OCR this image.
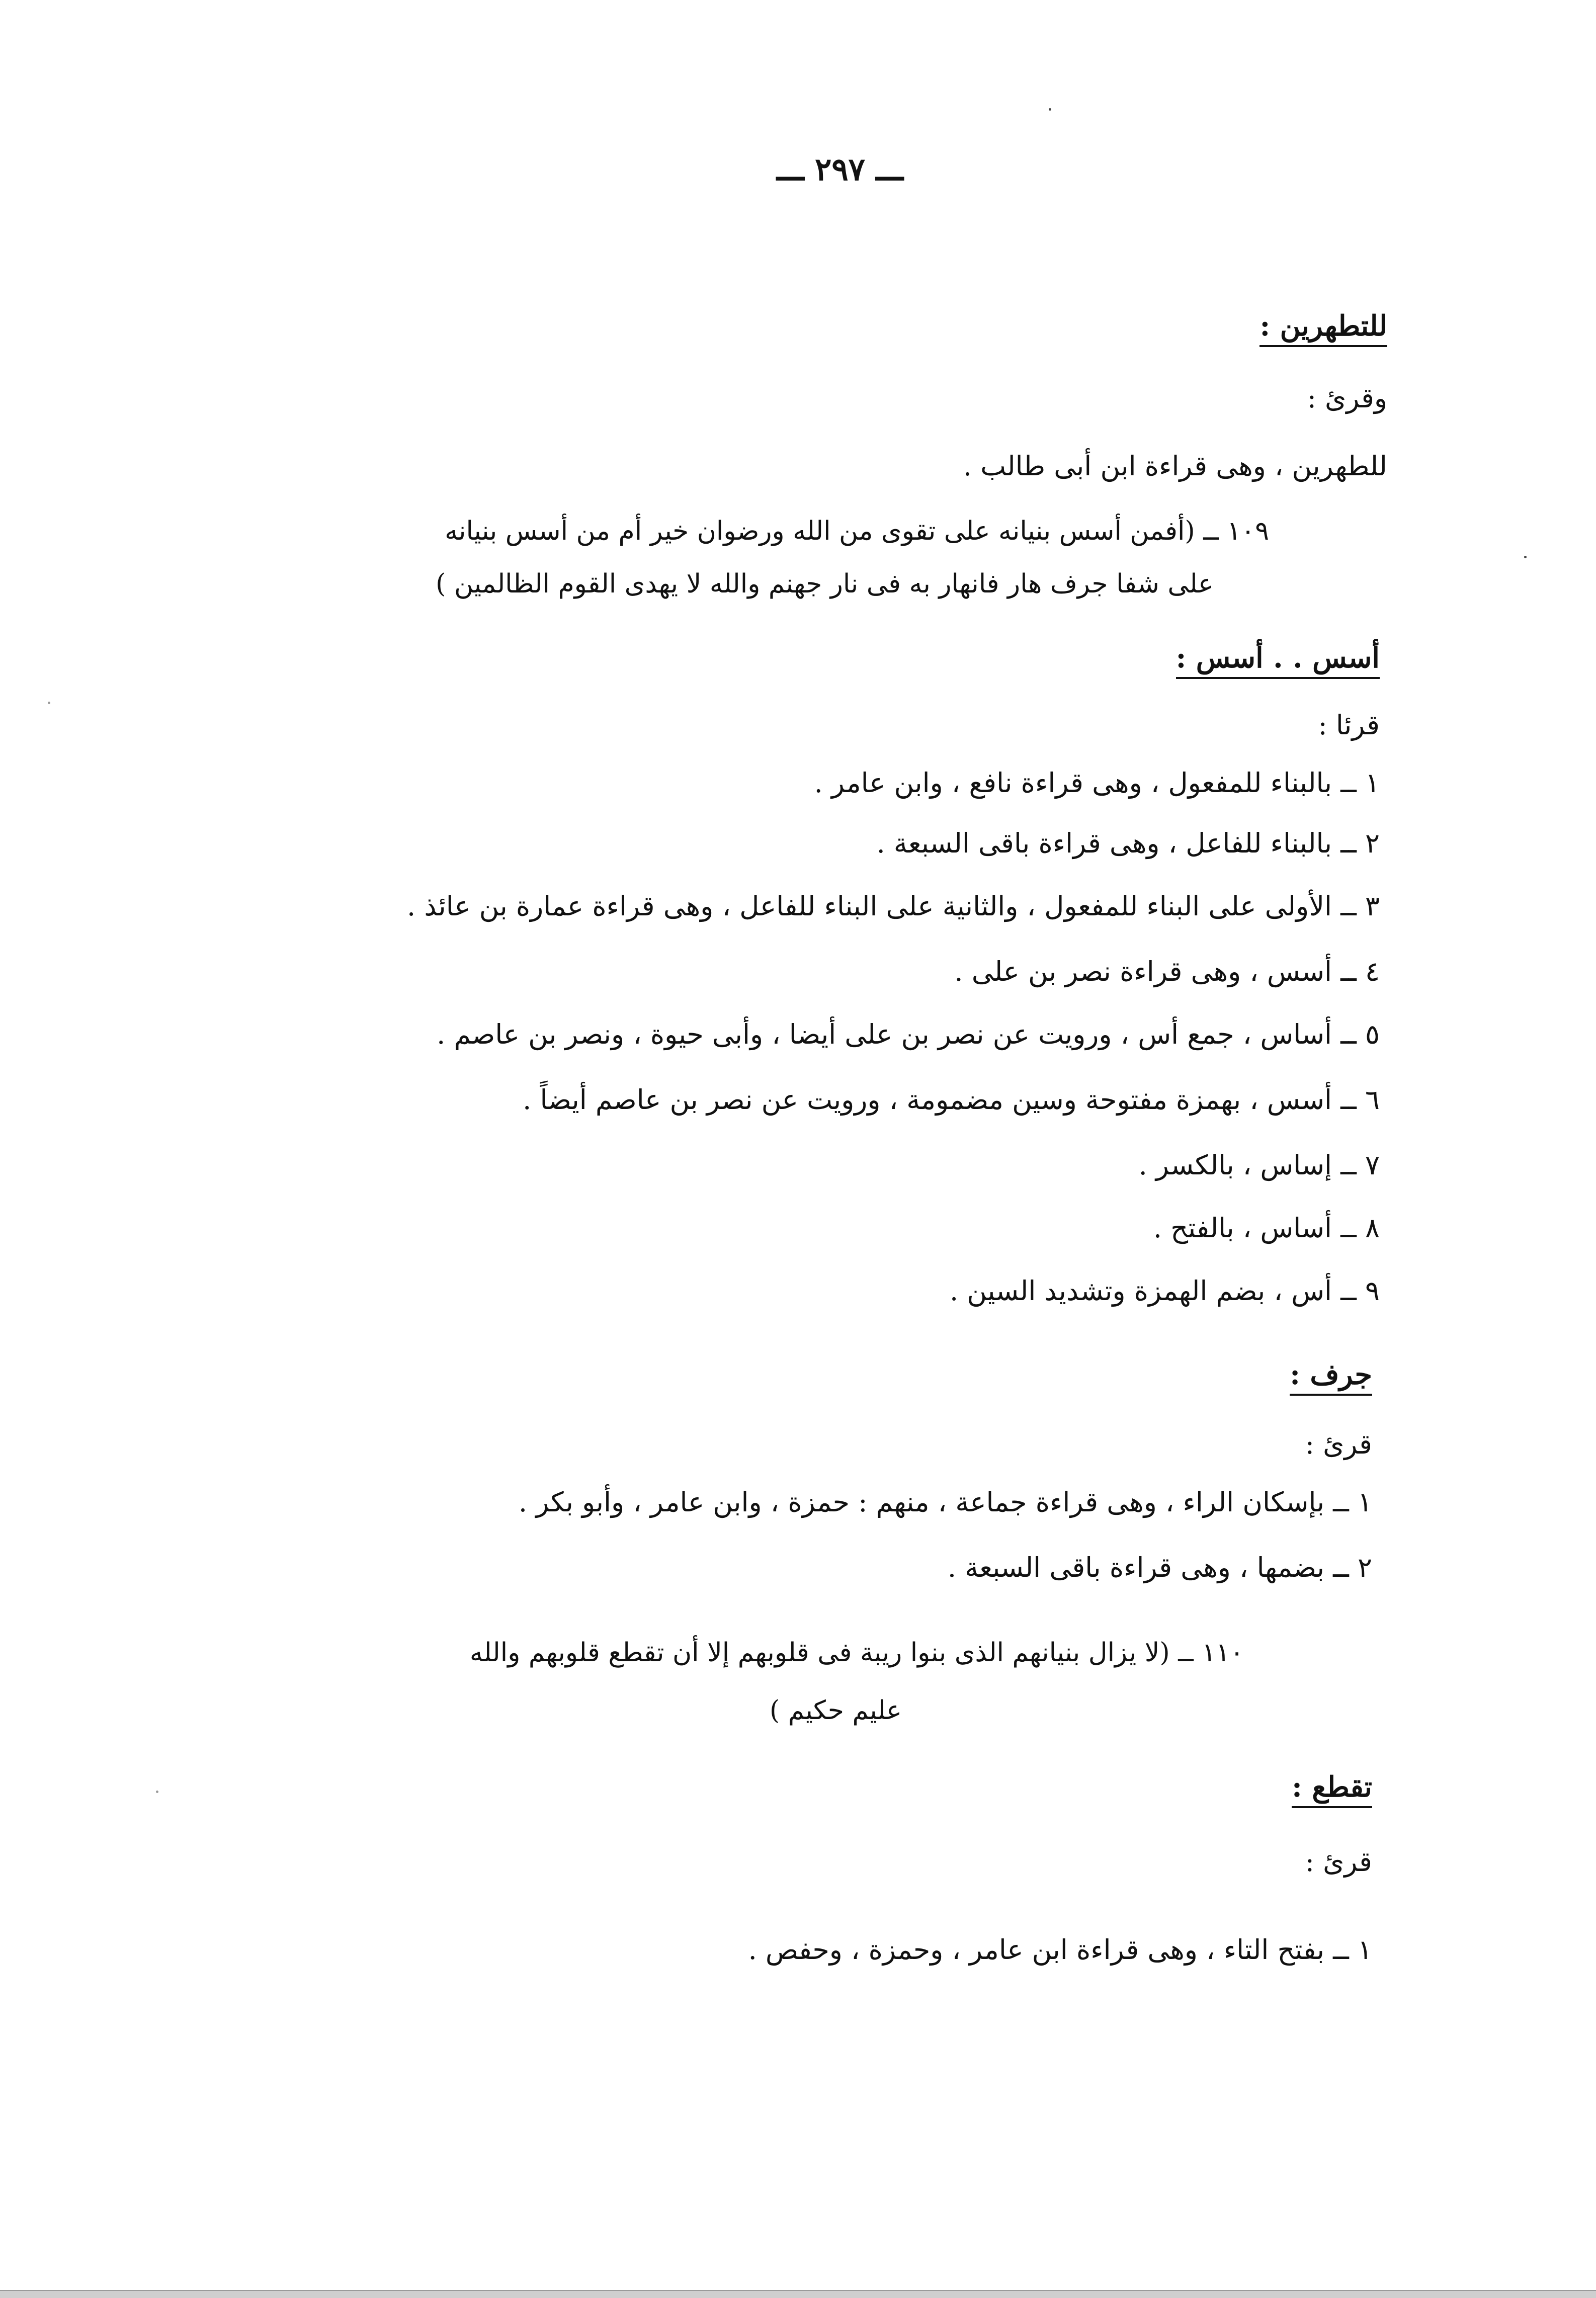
ـــ ٢٩٧ ـــ
للتطهرين :
وقرئ :
للطهرين ، وهى قراءة ابن أبى طالب .
١٠٩ ــ (أفمن أسس بنيانه على تقوى من الله ورضوان خير أم من أسس بنيانه
على شفا جرف هار فانهار به فى نار جهنم والله لا يهدى القوم الظالمين )
أسس . . أسس :
قرئا :
١ ــ بالبناء للمفعول ، وهى قراءة نافع ، وابن عامر .
٢ ــ بالبناء للفاعل ، وهى قراءة باقى السبعة .
٣ ــ الأولى على البناء للمفعول ، والثانية على البناء للفاعل ، وهى قراءة عمارة بن عائذ .
٤ ــ أسس ، وهى قراءة نصر بن على .
٥ ــ أساس ، جمع أس ، ورويت عن نصر بن على أيضا ، وأبى حيوة ، ونصر بن عاصم .
٦ ــ أسس ، بهمزة مفتوحة وسين مضمومة ، ورويت عن نصر بن عاصم أيضاً .
٧ ــ إساس ، بالكسر .
٨ ــ أساس ، بالفتح .
٩ ــ أس ، بضم الهمزة وتشديد السين .
جرف :
قرئ :
١ ــ بإسكان الراء ، وهى قراءة جماعة ، منهم : حمزة ، وابن عامر ، وأبو بكر .
٢ ــ بضمها ، وهى قراءة باقى السبعة .
١١٠ ــ (لا يزال بنيانهم الذى بنوا ريبة فى قلوبهم إلا أن تقطع قلوبهم والله
عليم حكيم )
تقطع :
قرئ :
١ ــ بفتح التاء ، وهى قراءة ابن عامر ، وحمزة ، وحفص .
